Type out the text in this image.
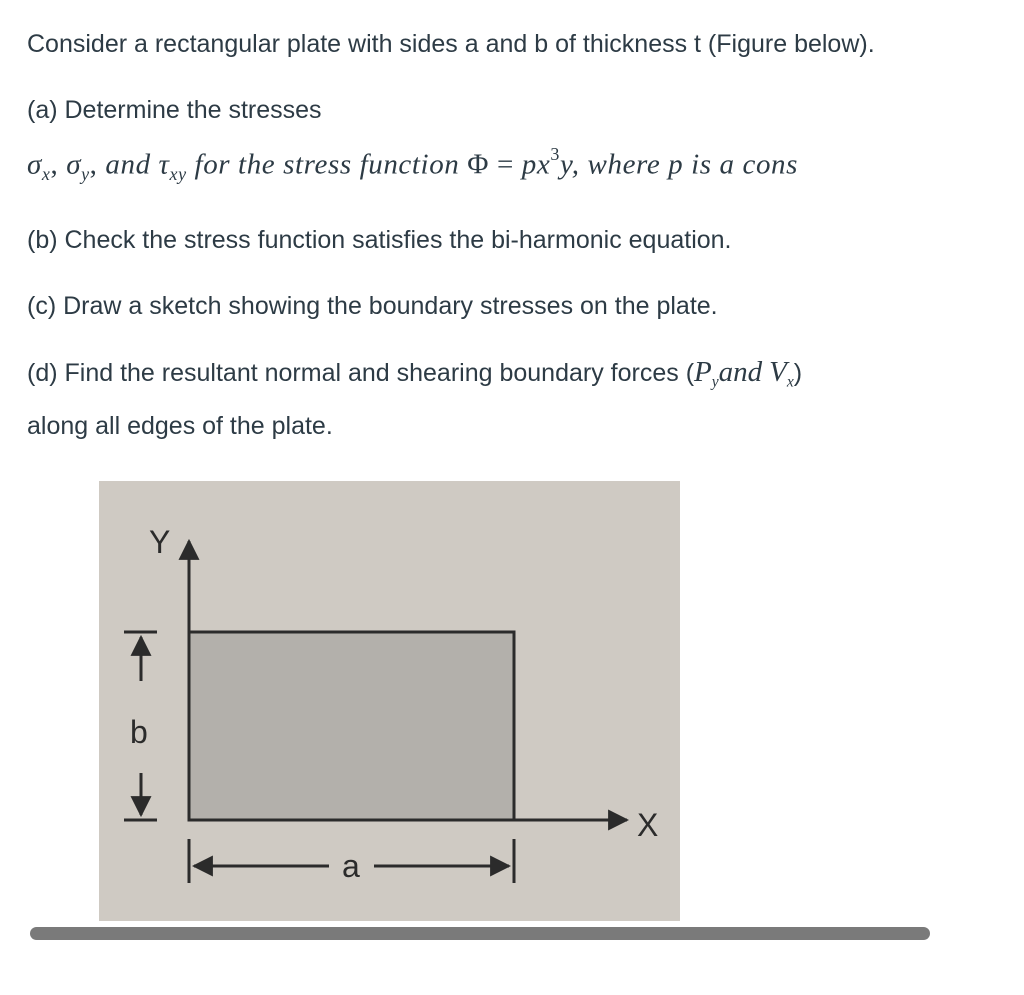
Consider a rectangular plate with sides a and b of thickness t (Figure below).

(a) Determine the stresses

$\sigma_x$, $\sigma_y$, and $\tau_{xy}$ for the stress function $\Phi = px^3y$, where p is a cons

(b) Check the stress function satisfies the bi-harmonic equation.

(c) Draw a sketch showing the boundary stresses on the plate.

(d) Find the resultant normal and shearing boundary forces ($P_yand$ $V_x$)
along all edges of the plate.

Y
X
b
a
